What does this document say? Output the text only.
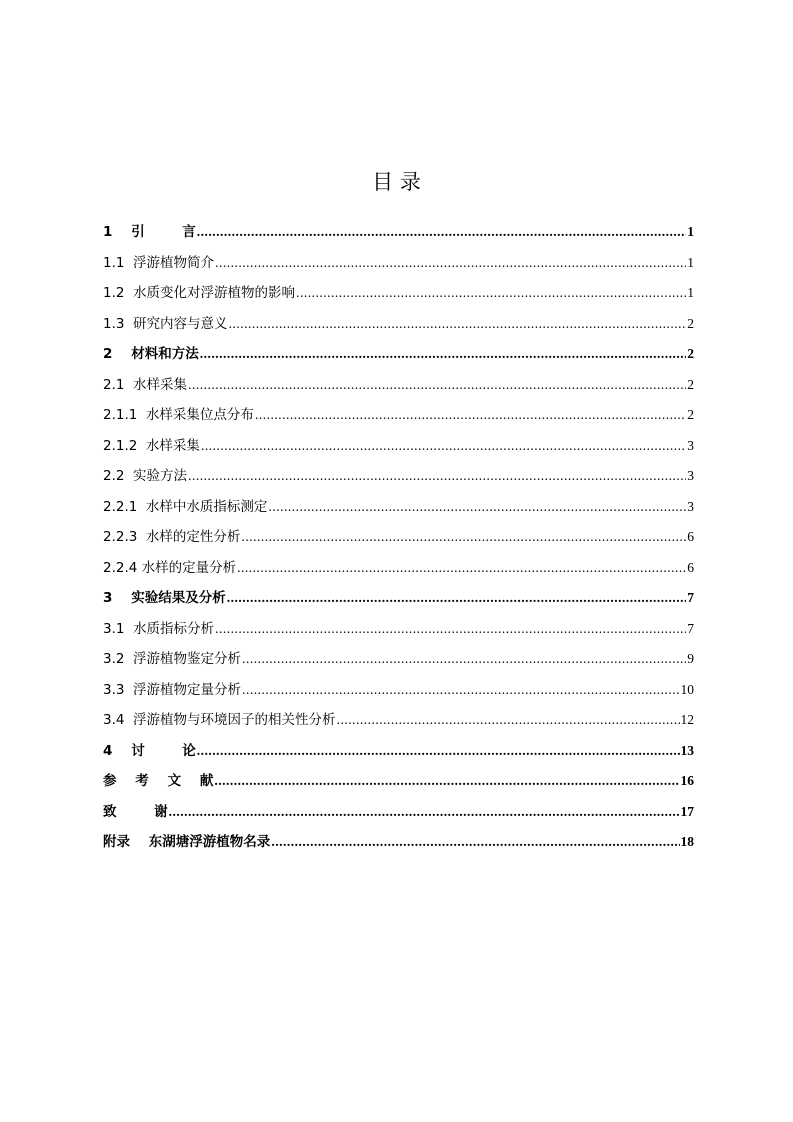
目 录
1    引        言 .....	1
1.1  浮游植物简介 .....	1
1.2  水质变化对浮游植物的影响 .....	1
1.3  研究内容与意义 .....	2
2    材料和方法 .....	2
2.1  水样采集 .....	2
2.1.1  水样采集位点分布 .....	2
2.1.2  水样采集 .....	3
2.2  实验方法 .....	3
2.2.1  水样中水质指标测定 .....	3
2.2.3  水样的定性分析 .....	6
2.2.4 水样的定量分析 .....	6
3    实验结果及分析 .....	7
3.1  水质指标分析 .....	7
3.2  浮游植物鉴定分析 .....	9
3.3  浮游植物定量分析 .....	10
3.4  浮游植物与环境因子的相关性分析 .....	12
4    讨        论 .....	13
参    考    文    献 .....	16
致        谢 .....	17
附录    东湖塘浮游植物名录 .....	18
